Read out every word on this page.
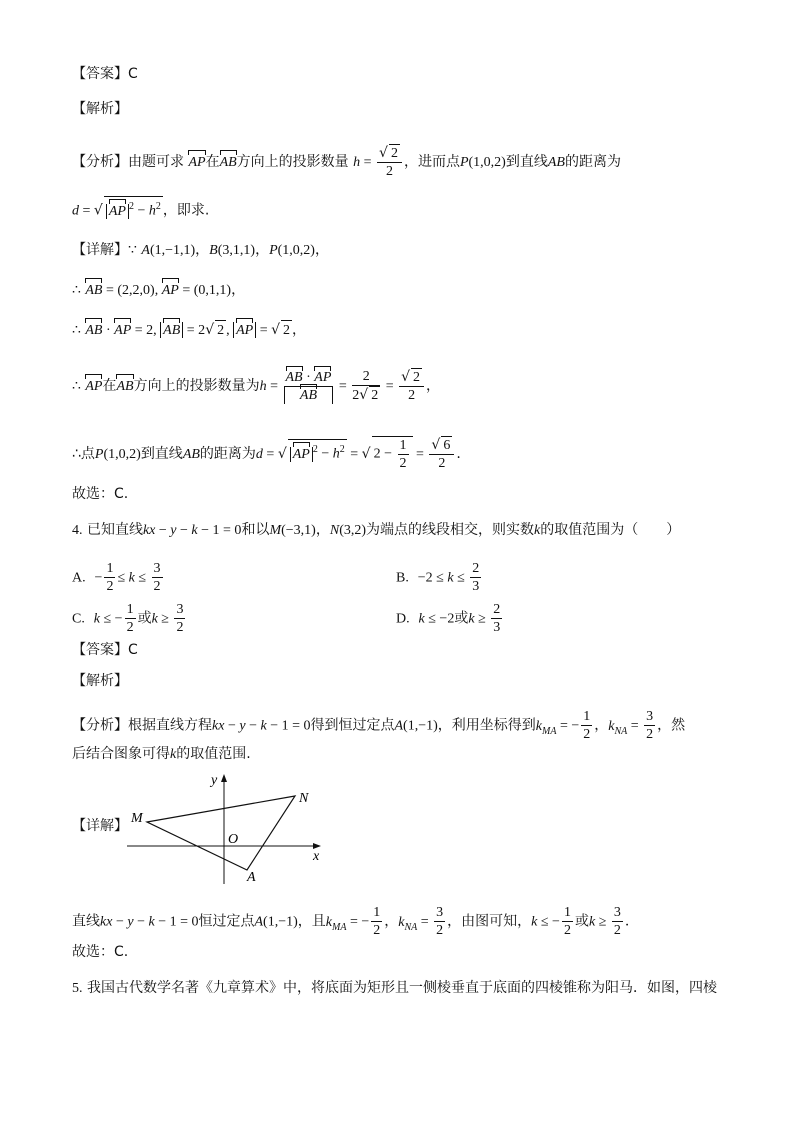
【答案】C
【解析】
【分析】由题可求 AP在AB方向上的投影数量 $h = \frac{√ 2}{2}$ ，进而点P(1,0,2)到直线AB的距离为
d = √ AP $^2 - h^2$ ，即求.
【详解】∵ A(1,−1,1)，B(3,1,1)，P(1,0,2)，
∴ AB = (2,2,0), AP = (0,1,1)，
∴ AB · AP = 2, AB = 2√ 2 , AP = √ 2 ，
∴ AP在AB方向上的投影数量为$h = \frac{AB \cdot AP}{AB} = \frac{2}{2√ 2} = \frac{√ 2}{2}$ ，
∴点P(1,0,2)到直线AB的距离为d = √ AP $^2 - h^2$ = √ $2 - \frac{1}{2} = \frac{√ 6}{2}$ .
故选：C.
4. 已知直线kx − y − k − 1 = 0和以M(−3,1)，N(3,2)为端点的线段相交，则实数k的取值范围为（　　）
A. − $\frac{1}{2} \le k \le \frac{3}{2}$	B. $-2 \le k \le \frac{2}{3}$
C. k ≤ − $\frac{1}{2}$ 或$k \ge \frac{3}{2}$	D. k ≤ −2或$k \ge \frac{2}{3}$
【答案】C
【解析】
【分析】根据直线方程kx − y − k − 1 = 0得到恒过定点A(1,−1)，利用坐标得到$k_{MA}$ = − $\frac{1}{2}$ ，$k_{NA} = \frac{3}{2}$ ，然
后结合图象可得k的取值范围.
【详解】
y
x
O
M
N
A
直线kx − y − k − 1 = 0恒过定点A(1,−1)，且$k_{MA}$ = − $\frac{1}{2}$ ，$k_{NA} = \frac{3}{2}$ ，由图可知，k ≤ − $\frac{1}{2}$ 或$k \ge \frac{3}{2}$ .
故选：C.
5. 我国古代数学名著《九章算术》中，将底面为矩形且一侧棱垂直于底面的四棱锥称为阳马．如图，四棱
